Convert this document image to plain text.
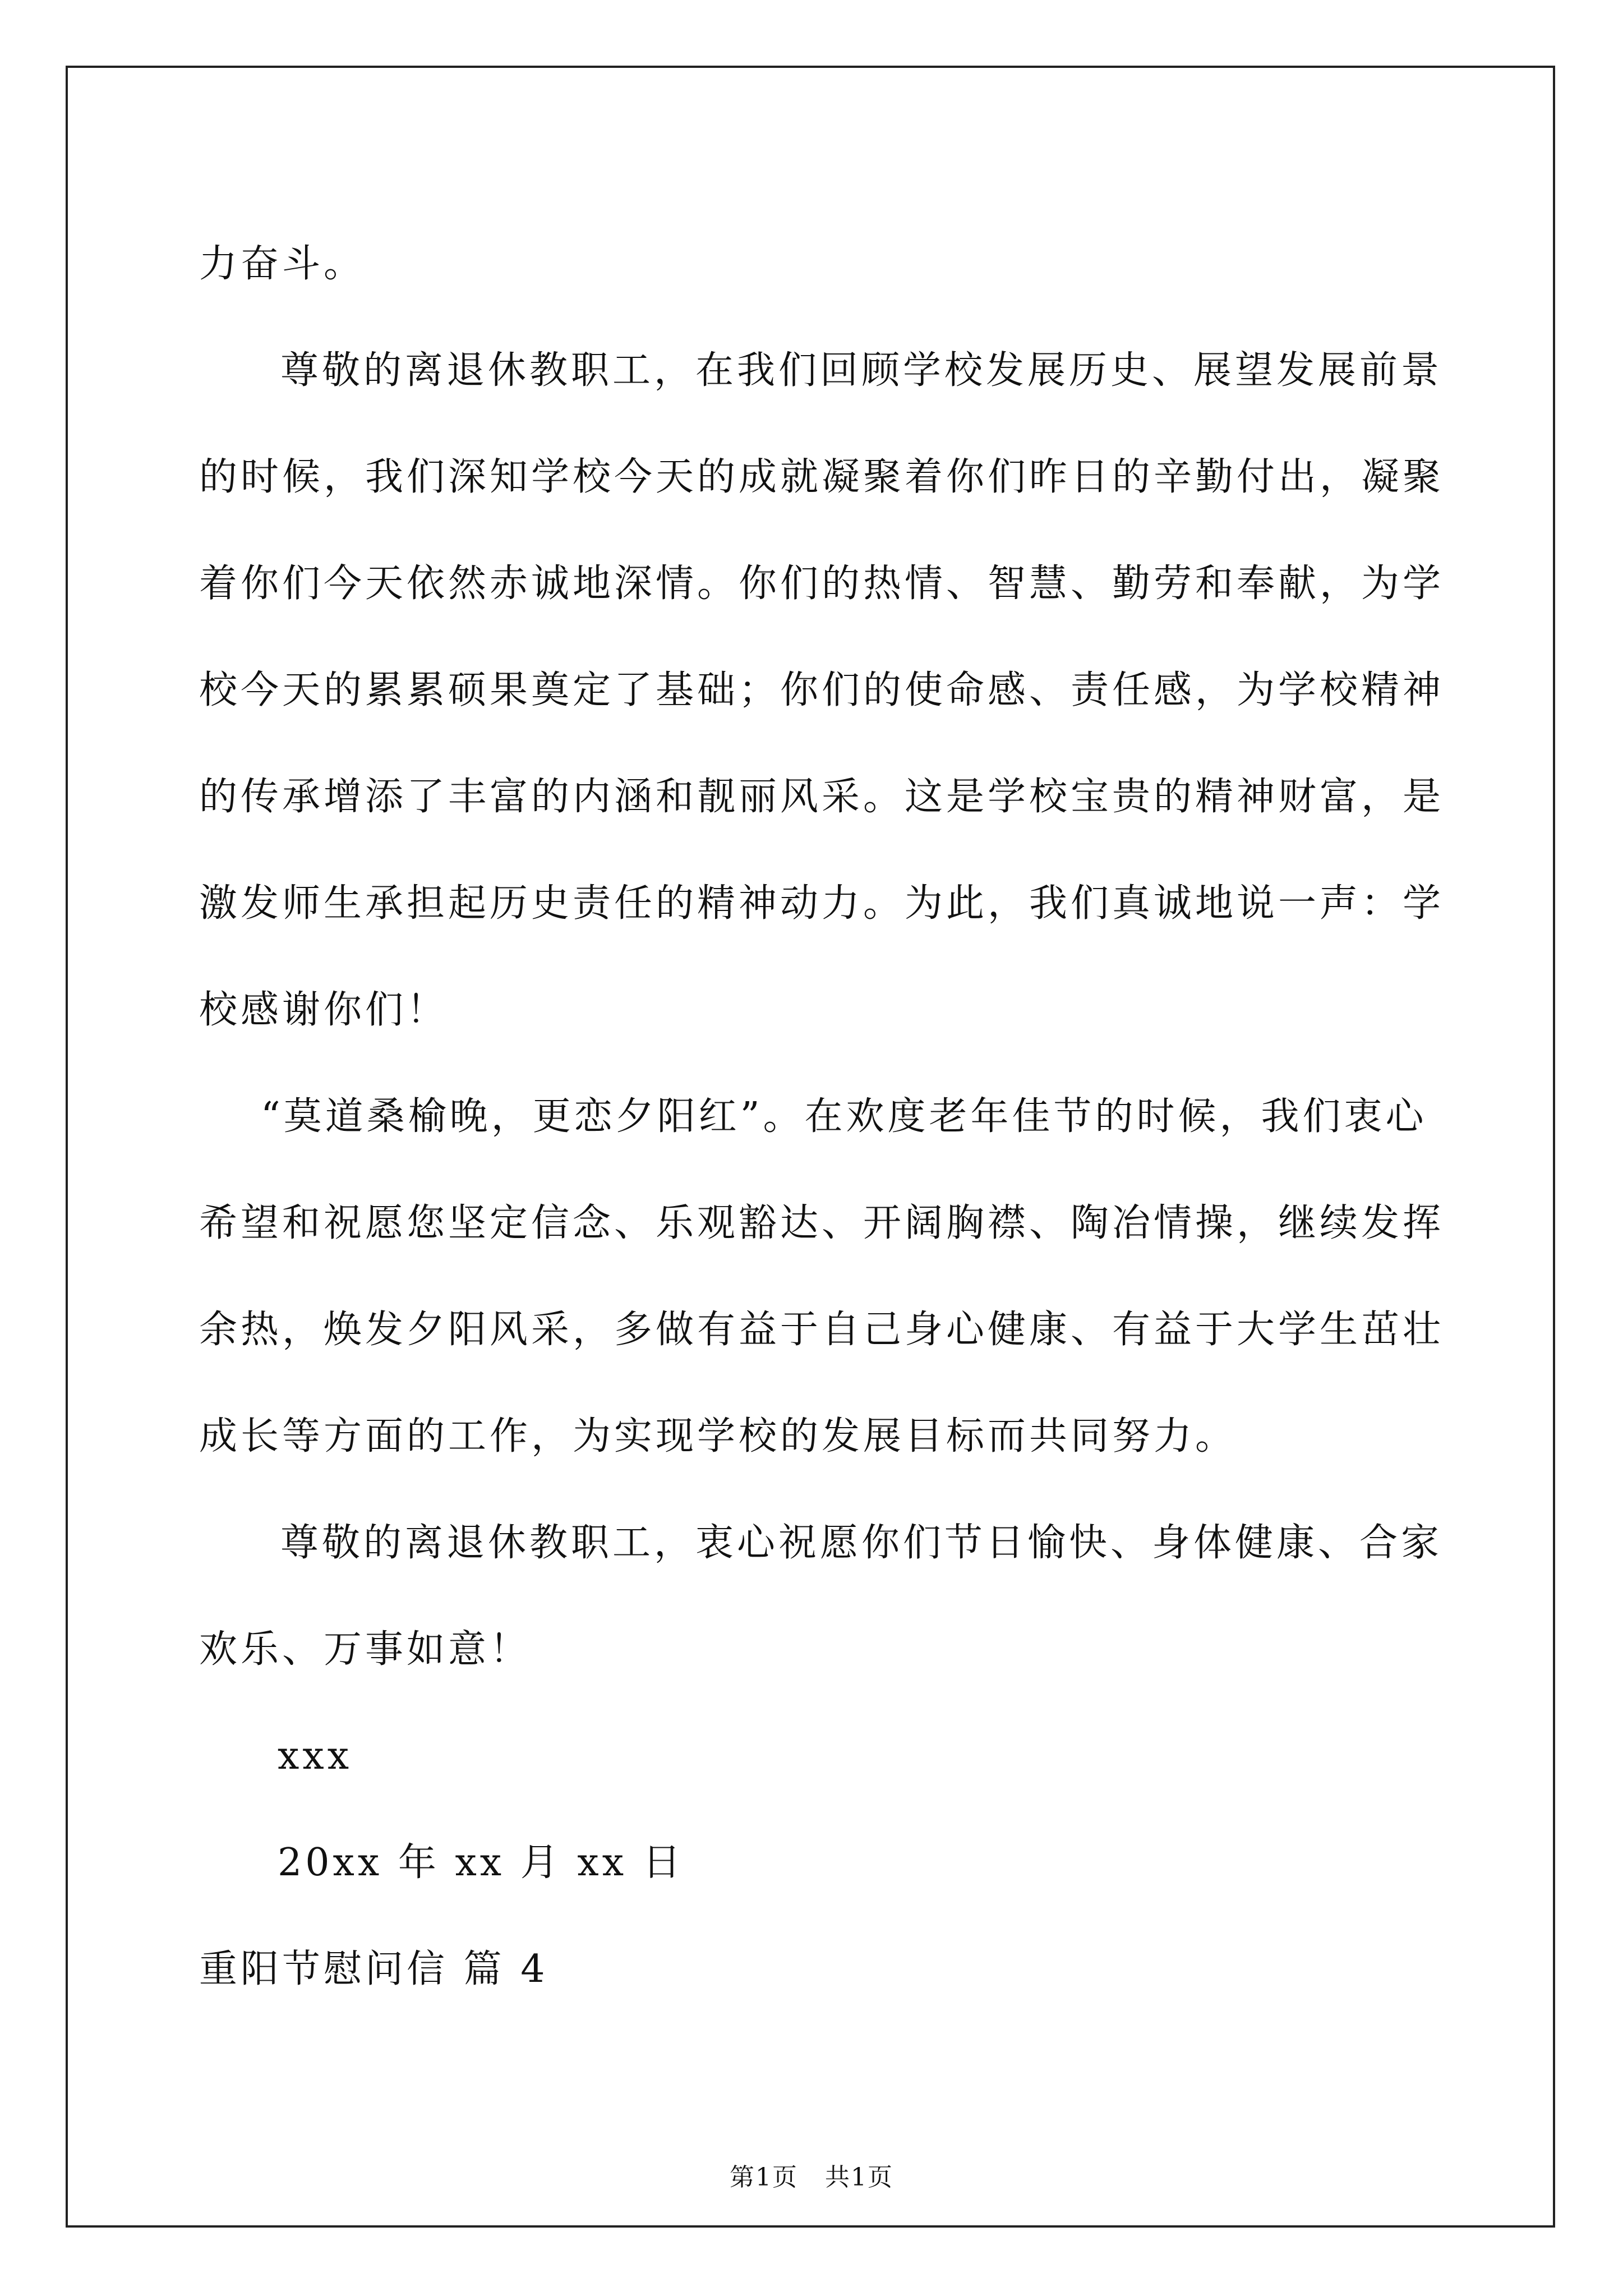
力奋斗。
尊敬的离退休教职工，在我们回顾学校发展历史、展望发展前景
的时候，我们深知学校今天的成就凝聚着你们昨日的辛勤付出，凝聚
着你们今天依然赤诚地深情。你们的热情、智慧、勤劳和奉献，为学
校今天的累累硕果奠定了基础；你们的使命感、责任感，为学校精神
的传承增添了丰富的内涵和靓丽风采。这是学校宝贵的精神财富，是
激发师生承担起历史责任的精神动力。为此，我们真诚地说一声：学
校感谢你们！
“莫道桑榆晚，更恋夕阳红”。在欢度老年佳节的时候，我们衷心
希望和祝愿您坚定信念、乐观豁达、开阔胸襟、陶冶情操，继续发挥
余热，焕发夕阳风采，多做有益于自己身心健康、有益于大学生茁壮
成长等方面的工作，为实现学校的发展目标而共同努力。
尊敬的离退休教职工，衷心祝愿你们节日愉快、身体健康、合家
欢乐、万事如意！
xxx
20xx 年 xx 月 xx 日
重阳节慰问信 篇 4
第1页   共1页
